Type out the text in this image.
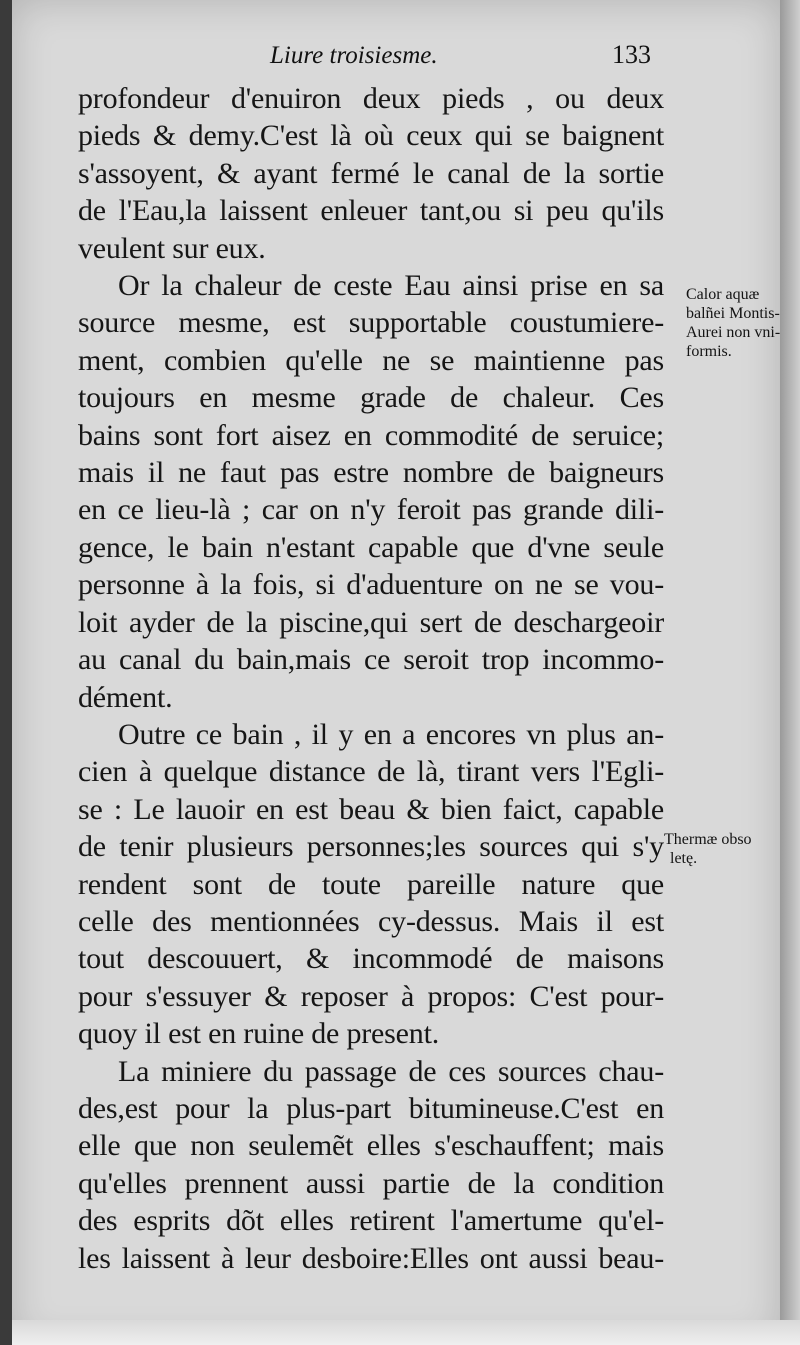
Liure troisiesme.	133
profondeur d'enuiron deux pieds , ou deux
pieds & demy.C'est là où ceux qui se baignent
s'assoyent, & ayant fermé le canal de la sortie
de l'Eau,la laissent enleuer tant,ou si peu qu'ils
veulent sur eux.
Or la chaleur de ceste Eau ainsi prise en sa
source mesme, est supportable coustumiere-
ment, combien qu'elle ne se maintienne pas
toujours en mesme grade de chaleur. Ces
bains sont fort aisez en commodité de seruice;
mais il ne faut pas estre nombre de baigneurs
en ce lieu-là ; car on n'y feroit pas grande dili-
gence, le bain n'estant capable que d'vne seule
personne à la fois, si d'aduenture on ne se vou-
loit ayder de la piscine,qui sert de deschargeoir
au canal du bain,mais ce seroit trop incommo-
dément.
Outre ce bain , il y en a encores vn plus an-
cien à quelque distance de là, tirant vers l'Egli-
se : Le lauoir en est beau & bien faict, capable
de tenir plusieurs personnes;les sources qui s'y
rendent sont de toute pareille nature que
celle des mentionnées cy-dessus. Mais il est
tout descouuert, & incommodé de maisons
pour s'essuyer & reposer à propos: C'est pour-
quoy il est en ruine de present.
La miniere du passage de ces sources chau-
des,est pour la plus-part bitumineuse.C'est en
elle que non seulemẽt elles s'eschauffent; mais
qu'elles prennent aussi partie de la condition
des esprits dõt elles retirent l'amertume qu'el-
les laissent à leur desboire:Elles ont aussi beau-
Calor aquæ
balñei Montis-
Aurei non vni-
formis.
Thermæ obso
letę.
